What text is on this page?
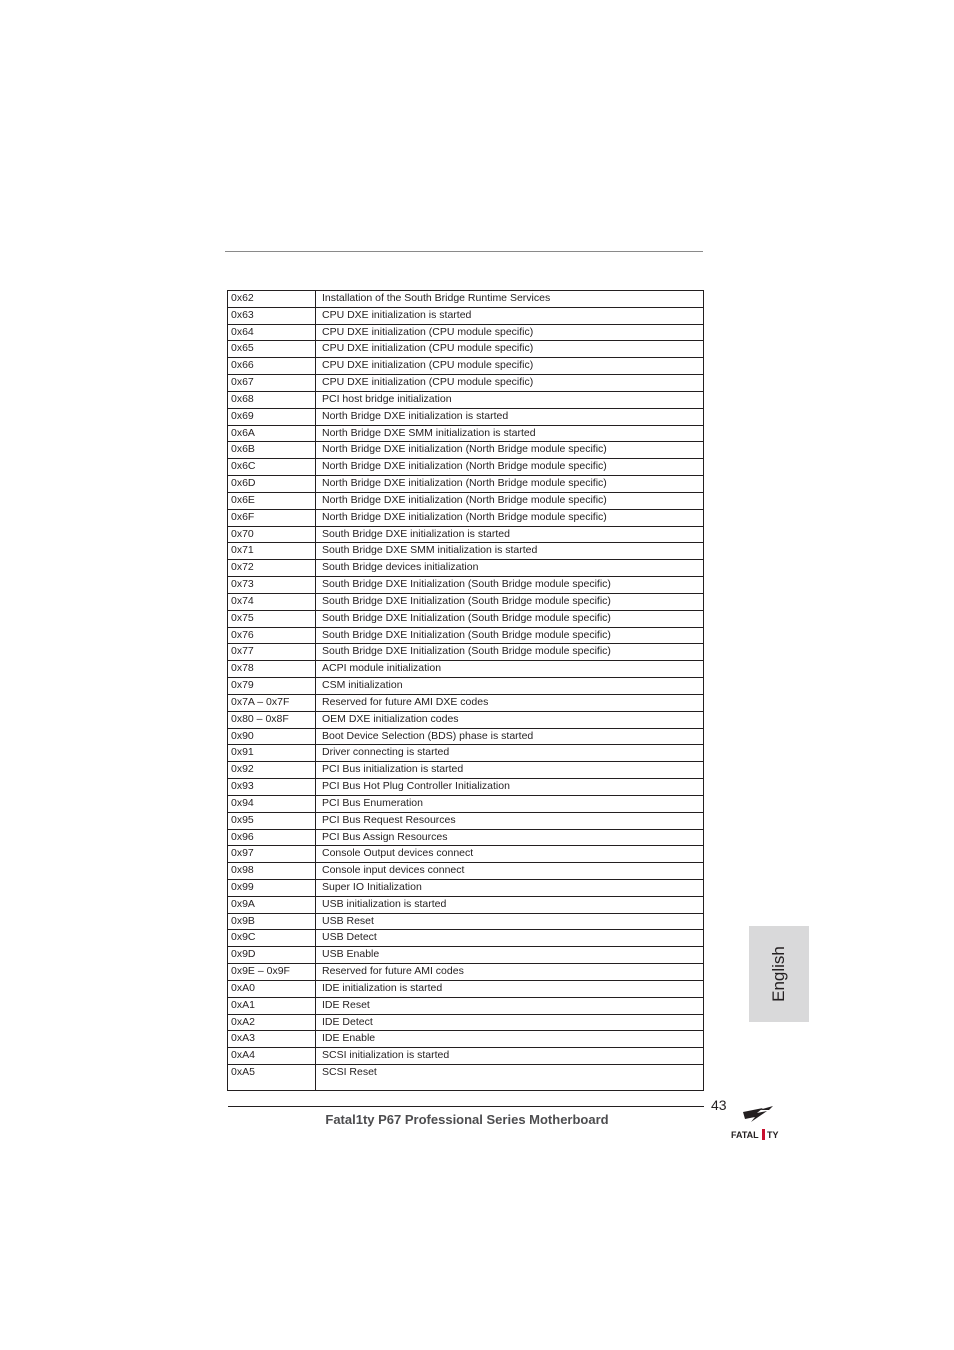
0x62	Installation of the South Bridge Runtime Services
0x63	CPU DXE initialization is started
0x64	CPU DXE initialization (CPU module specific)
0x65	CPU DXE initialization (CPU module specific)
0x66	CPU DXE initialization (CPU module specific)
0x67	CPU DXE initialization (CPU module specific)
0x68	PCI host bridge initialization
0x69	North Bridge DXE initialization is started
0x6A	North Bridge DXE SMM initialization is started
0x6B	North Bridge DXE initialization (North Bridge module specific)
0x6C	North Bridge DXE initialization (North Bridge module specific)
0x6D	North Bridge DXE initialization (North Bridge module specific)
0x6E	North Bridge DXE initialization (North Bridge module specific)
0x6F	North Bridge DXE initialization (North Bridge module specific)
0x70	South Bridge DXE initialization is started
0x71	South Bridge DXE SMM initialization is started
0x72	South Bridge devices initialization
0x73	South Bridge DXE Initialization (South Bridge module specific)
0x74	South Bridge DXE Initialization (South Bridge module specific)
0x75	South Bridge DXE Initialization (South Bridge module specific)
0x76	South Bridge DXE Initialization (South Bridge module specific)
0x77	South Bridge DXE Initialization (South Bridge module specific)
0x78	ACPI module initialization
0x79	CSM initialization
0x7A – 0x7F	Reserved for future AMI DXE codes
0x80 – 0x8F	OEM DXE initialization codes
0x90	Boot Device Selection (BDS) phase is started
0x91	Driver connecting is started
0x92	PCI Bus initialization is started
0x93	PCI Bus Hot Plug Controller Initialization
0x94	PCI Bus Enumeration
0x95	PCI Bus Request Resources
0x96	PCI Bus Assign Resources
0x97	Console Output devices connect
0x98	Console input devices connect
0x99	Super IO Initialization
0x9A	USB initialization is started
0x9B	USB Reset
0x9C	USB Detect
0x9D	USB Enable
0x9E – 0x9F	Reserved for future AMI codes
0xA0	IDE initialization is started
0xA1	IDE Reset
0xA2	IDE Detect
0xA3	IDE Enable
0xA4	SCSI initialization is started
0xA5	SCSI Reset
English
43
Fatal1ty P67 Professional Series Motherboard
FATAL TY
